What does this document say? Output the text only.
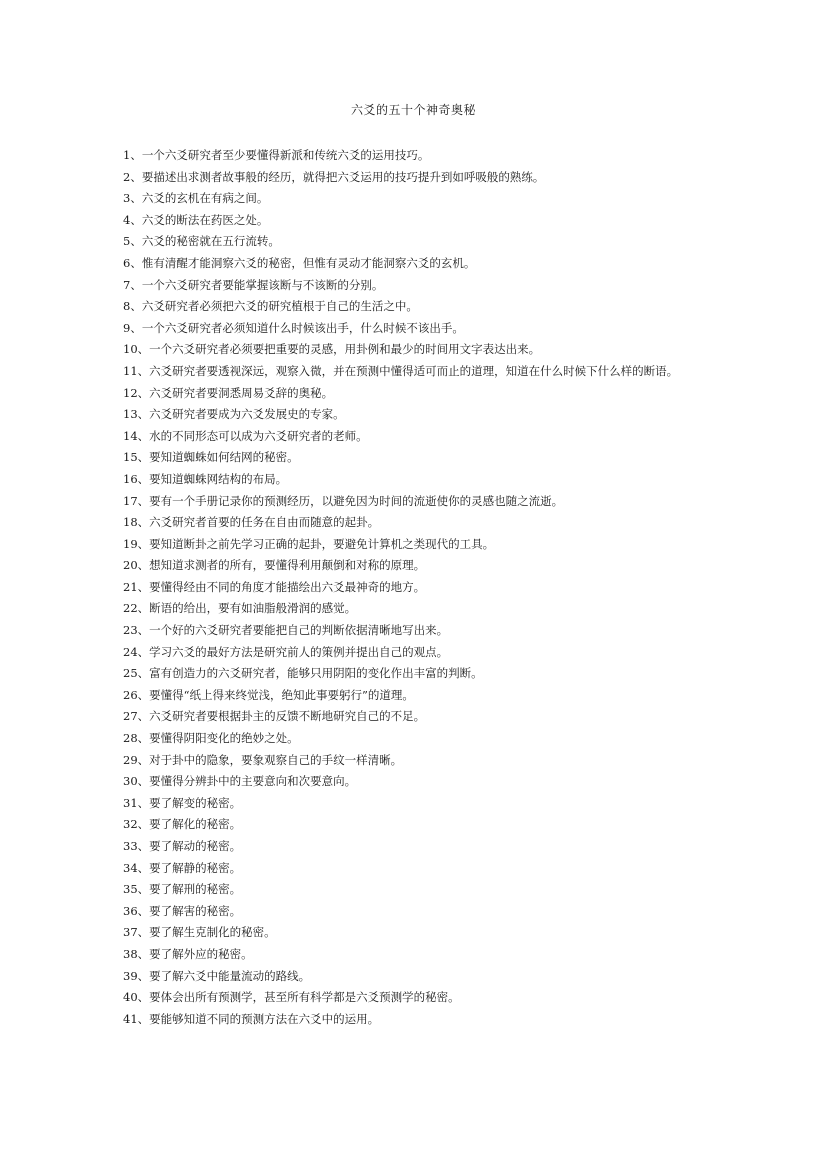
六爻的五十个神奇奥秘
1、一个六爻研究者至少要懂得新派和传统六爻的运用技巧。
2、要描述出求测者故事般的经历，就得把六爻运用的技巧提升到如呼吸般的熟练。
3、六爻的玄机在有病之间。
4、六爻的断法在药医之处。
5、六爻的秘密就在五行流转。
6、惟有清醒才能洞察六爻的秘密，但惟有灵动才能洞察六爻的玄机。
7、一个六爻研究者要能掌握该断与不该断的分别。
8、六爻研究者必须把六爻的研究植根于自己的生活之中。
9、一个六爻研究者必须知道什么时候该出手，什么时候不该出手。
10、一个六爻研究者必须要把重要的灵感，用卦例和最少的时间用文字表达出来。
11、六爻研究者要透视深远，观察入微，并在预测中懂得适可而止的道理，知道在什么时候下什么样的断语。
12、六爻研究者要洞悉周易爻辞的奥秘。
13、六爻研究者要成为六爻发展史的专家。
14、水的不同形态可以成为六爻研究者的老师。
15、要知道蜘蛛如何结网的秘密。
16、要知道蜘蛛网结构的布局。
17、要有一个手册记录你的预测经历，以避免因为时间的流逝使你的灵感也随之流逝。
18、六爻研究者首要的任务在自由而随意的起卦。
19、要知道断卦之前先学习正确的起卦，要避免计算机之类现代的工具。
20、想知道求测者的所有，要懂得利用颠倒和对称的原理。
21、要懂得经由不同的角度才能描绘出六爻最神奇的地方。
22、断语的给出，要有如油脂般滑润的感觉。
23、一个好的六爻研究者要能把自己的判断依据清晰地写出来。
24、学习六爻的最好方法是研究前人的策例并提出自己的观点。
25、富有创造力的六爻研究者，能够只用阴阳的变化作出丰富的判断。
26、要懂得“纸上得来终觉浅，绝知此事要躬行”的道理。
27、六爻研究者要根据卦主的反馈不断地研究自己的不足。
28、要懂得阴阳变化的绝妙之处。
29、对于卦中的隐象，要象观察自己的手纹一样清晰。
30、要懂得分辨卦中的主要意向和次要意向。
31、要了解变的秘密。
32、要了解化的秘密。
33、要了解动的秘密。
34、要了解静的秘密。
35、要了解刑的秘密。
36、要了解害的秘密。
37、要了解生克制化的秘密。
38、要了解外应的秘密。
39、要了解六爻中能量流动的路线。
40、要体会出所有预测学，甚至所有科学都是六爻预测学的秘密。
41、要能够知道不同的预测方法在六爻中的运用。
